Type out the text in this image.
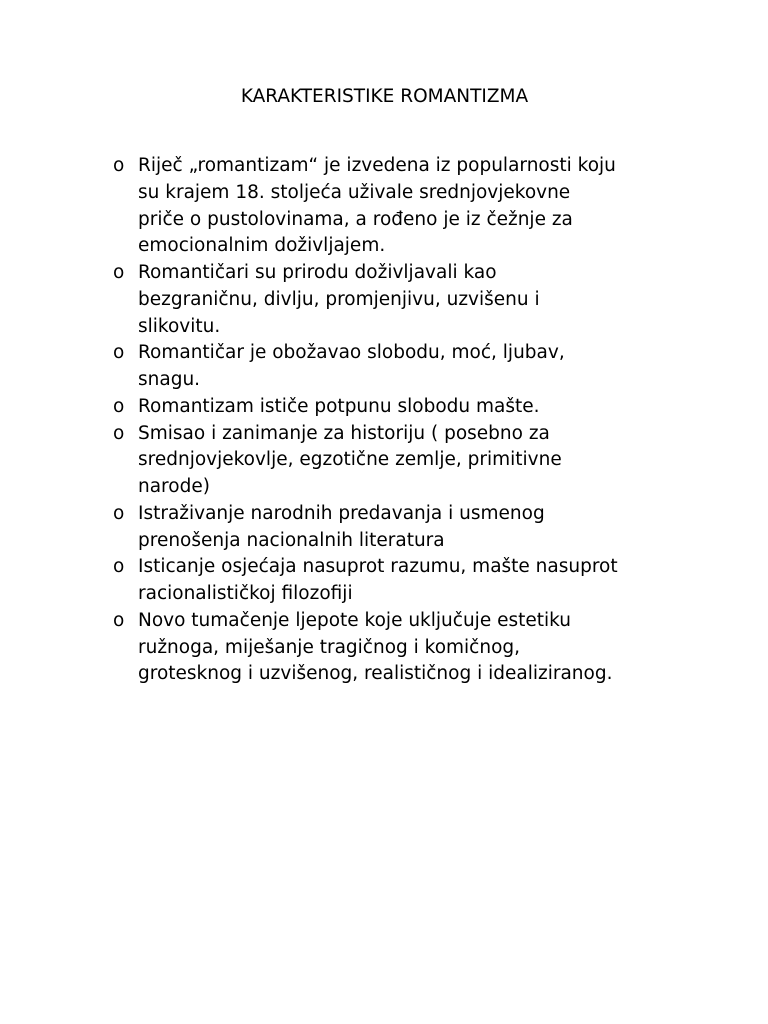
KARAKTERISTIKE ROMANTIZMA
o Riječ „romantizam“ je izvedena iz popularnosti koju
su krajem 18. stoljeća uživale srednjovjekovne
priče o pustolovinama, a rođeno je iz čežnje za
emocionalnim doživljajem.
o Romantičari su prirodu doživljavali kao
bezgraničnu, divlju, promjenjivu, uzvišenu i
slikovitu.
o Romantičar je obožavao slobodu, moć, ljubav,
snagu.
o Romantizam ističe potpunu slobodu mašte.
o Smisao i zanimanje za historiju ( posebno za
srednjovjekovlje, egzotične zemlje, primitivne
narode)
o Istraživanje narodnih predavanja i usmenog
prenošenja nacionalnih literatura
o Isticanje osjećaja nasuprot razumu, mašte nasuprot
racionalističkoj filozofiji
o Novo tumačenje ljepote koje uključuje estetiku
ružnoga, miješanje tragičnog i komičnog,
grotesknog i uzvišenog, realističnog i idealiziranog.
